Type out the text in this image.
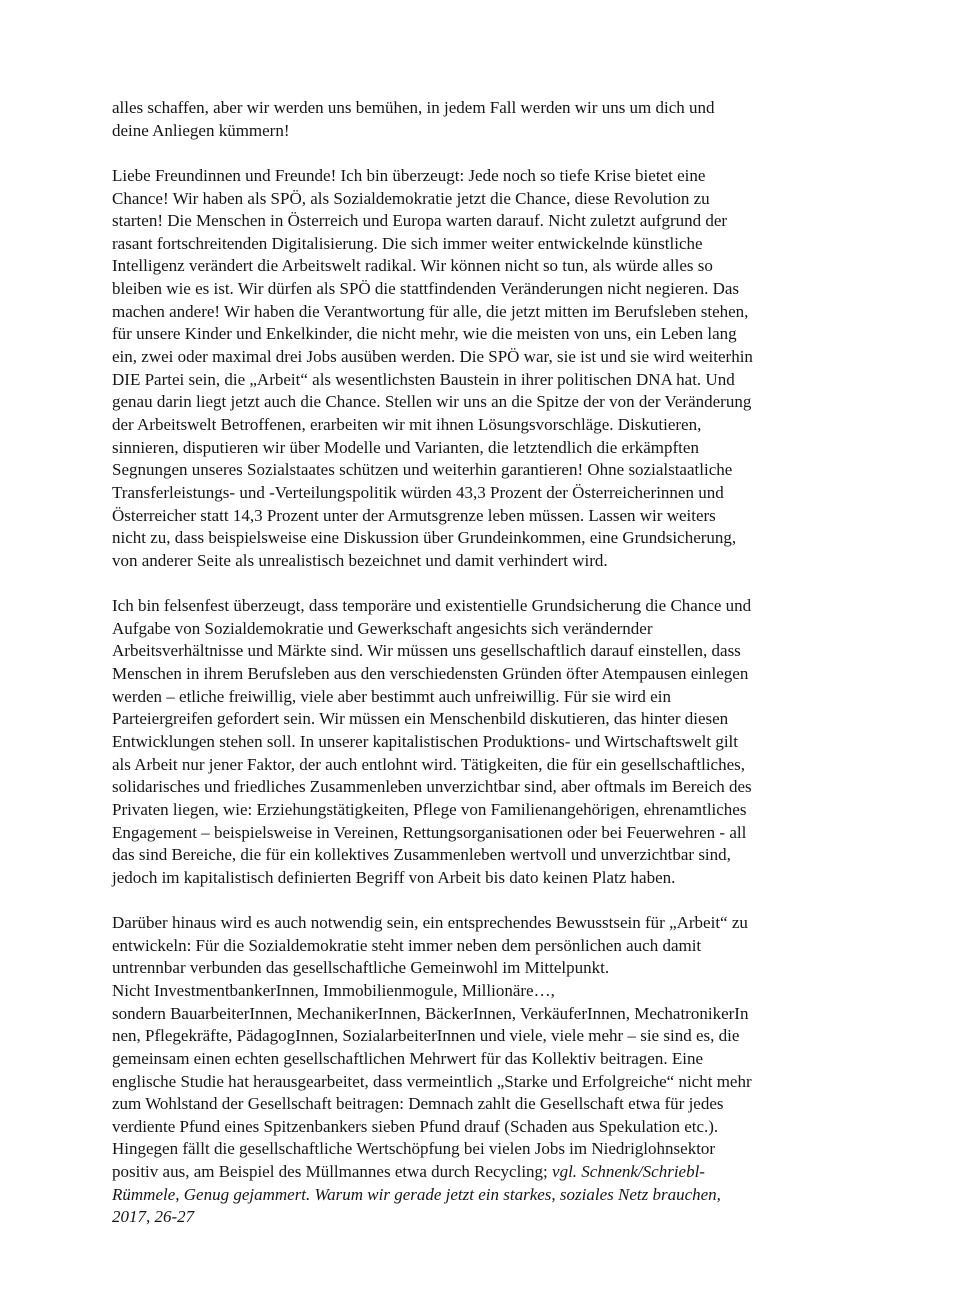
alles schaffen, aber wir werden uns bemühen, in jedem Fall werden wir uns um dich und
deine Anliegen kümmern!
Liebe Freundinnen und Freunde! Ich bin überzeugt: Jede noch so tiefe Krise bietet eine
Chance! Wir haben als SPÖ, als Sozialdemokratie jetzt die Chance, diese Revolution zu
starten! Die Menschen in Österreich und Europa warten darauf. Nicht zuletzt aufgrund der
rasant fortschreitenden Digitalisierung. Die sich immer weiter entwickelnde künstliche
Intelligenz verändert die Arbeitswelt radikal. Wir können nicht so tun, als würde alles so
bleiben wie es ist. Wir dürfen als SPÖ die stattfindenden Veränderungen nicht negieren. Das
machen andere! Wir haben die Verantwortung für alle, die jetzt mitten im Berufsleben stehen,
für unsere Kinder und Enkelkinder, die nicht mehr, wie die meisten von uns, ein Leben lang
ein, zwei oder maximal drei Jobs ausüben werden. Die SPÖ war, sie ist und sie wird weiterhin
DIE Partei sein, die „Arbeit“ als wesentlichsten Baustein in ihrer politischen DNA hat. Und
genau darin liegt jetzt auch die Chance. Stellen wir uns an die Spitze der von der Veränderung
der Arbeitswelt Betroffenen, erarbeiten wir mit ihnen Lösungsvorschläge. Diskutieren,
sinnieren, disputieren wir über Modelle und Varianten, die letztendlich die erkämpften
Segnungen unseres Sozialstaates schützen und weiterhin garantieren! Ohne sozialstaatliche
Transferleistungs- und -Verteilungspolitik würden 43,3 Prozent der Österreicherinnen und
Österreicher statt 14,3 Prozent unter der Armutsgrenze leben müssen. Lassen wir weiters
nicht zu, dass beispielsweise eine Diskussion über Grundeinkommen, eine Grundsicherung,
von anderer Seite als unrealistisch bezeichnet und damit verhindert wird.
Ich bin felsenfest überzeugt, dass temporäre und existentielle Grundsicherung die Chance und
Aufgabe von Sozialdemokratie und Gewerkschaft angesichts sich verändernder
Arbeitsverhältnisse und Märkte sind. Wir müssen uns gesellschaftlich darauf einstellen, dass
Menschen in ihrem Berufsleben aus den verschiedensten Gründen öfter Atempausen einlegen
werden – etliche freiwillig, viele aber bestimmt auch unfreiwillig. Für sie wird ein
Parteiergreifen gefordert sein. Wir müssen ein Menschenbild diskutieren, das hinter diesen
Entwicklungen stehen soll. In unserer kapitalistischen Produktions- und Wirtschaftswelt gilt
als Arbeit nur jener Faktor, der auch entlohnt wird. Tätigkeiten, die für ein gesellschaftliches,
solidarisches und friedliches Zusammenleben unverzichtbar sind, aber oftmals im Bereich des
Privaten liegen, wie: Erziehungstätigkeiten, Pflege von Familienangehörigen, ehrenamtliches
Engagement – beispielsweise in Vereinen, Rettungsorganisationen oder bei Feuerwehren - all
das sind Bereiche, die für ein kollektives Zusammenleben wertvoll und unverzichtbar sind,
jedoch im kapitalistisch definierten Begriff von Arbeit bis dato keinen Platz haben.
Darüber hinaus wird es auch notwendig sein, ein entsprechendes Bewusstsein für „Arbeit“ zu
entwickeln: Für die Sozialdemokratie steht immer neben dem persönlichen auch damit
untrennbar verbunden das gesellschaftliche Gemeinwohl im Mittelpunkt.
Nicht InvestmentbankerInnen, Immobilienmogule, Millionäre…,
sondern BauarbeiterInnen, MechanikerInnen, BäckerInnen, VerkäuferInnen, MechatronikerIn
nen, Pflegekräfte, PädagogInnen, SozialarbeiterInnen und viele, viele mehr – sie sind es, die
gemeinsam einen echten gesellschaftlichen Mehrwert für das Kollektiv beitragen. Eine
englische Studie hat herausgearbeitet, dass vermeintlich „Starke und Erfolgreiche“ nicht mehr
zum Wohlstand der Gesellschaft beitragen: Demnach zahlt die Gesellschaft etwa für jedes
verdiente Pfund eines Spitzenbankers sieben Pfund drauf (Schaden aus Spekulation etc.).
Hingegen fällt die gesellschaftliche Wertschöpfung bei vielen Jobs im Niedriglohnsektor
positiv aus, am Beispiel des Müllmannes etwa durch Recycling; vgl. Schnenk/Schriebl-
Rümmele, Genug gejammert. Warum wir gerade jetzt ein starkes, soziales Netz brauchen,
2017, 26-27
